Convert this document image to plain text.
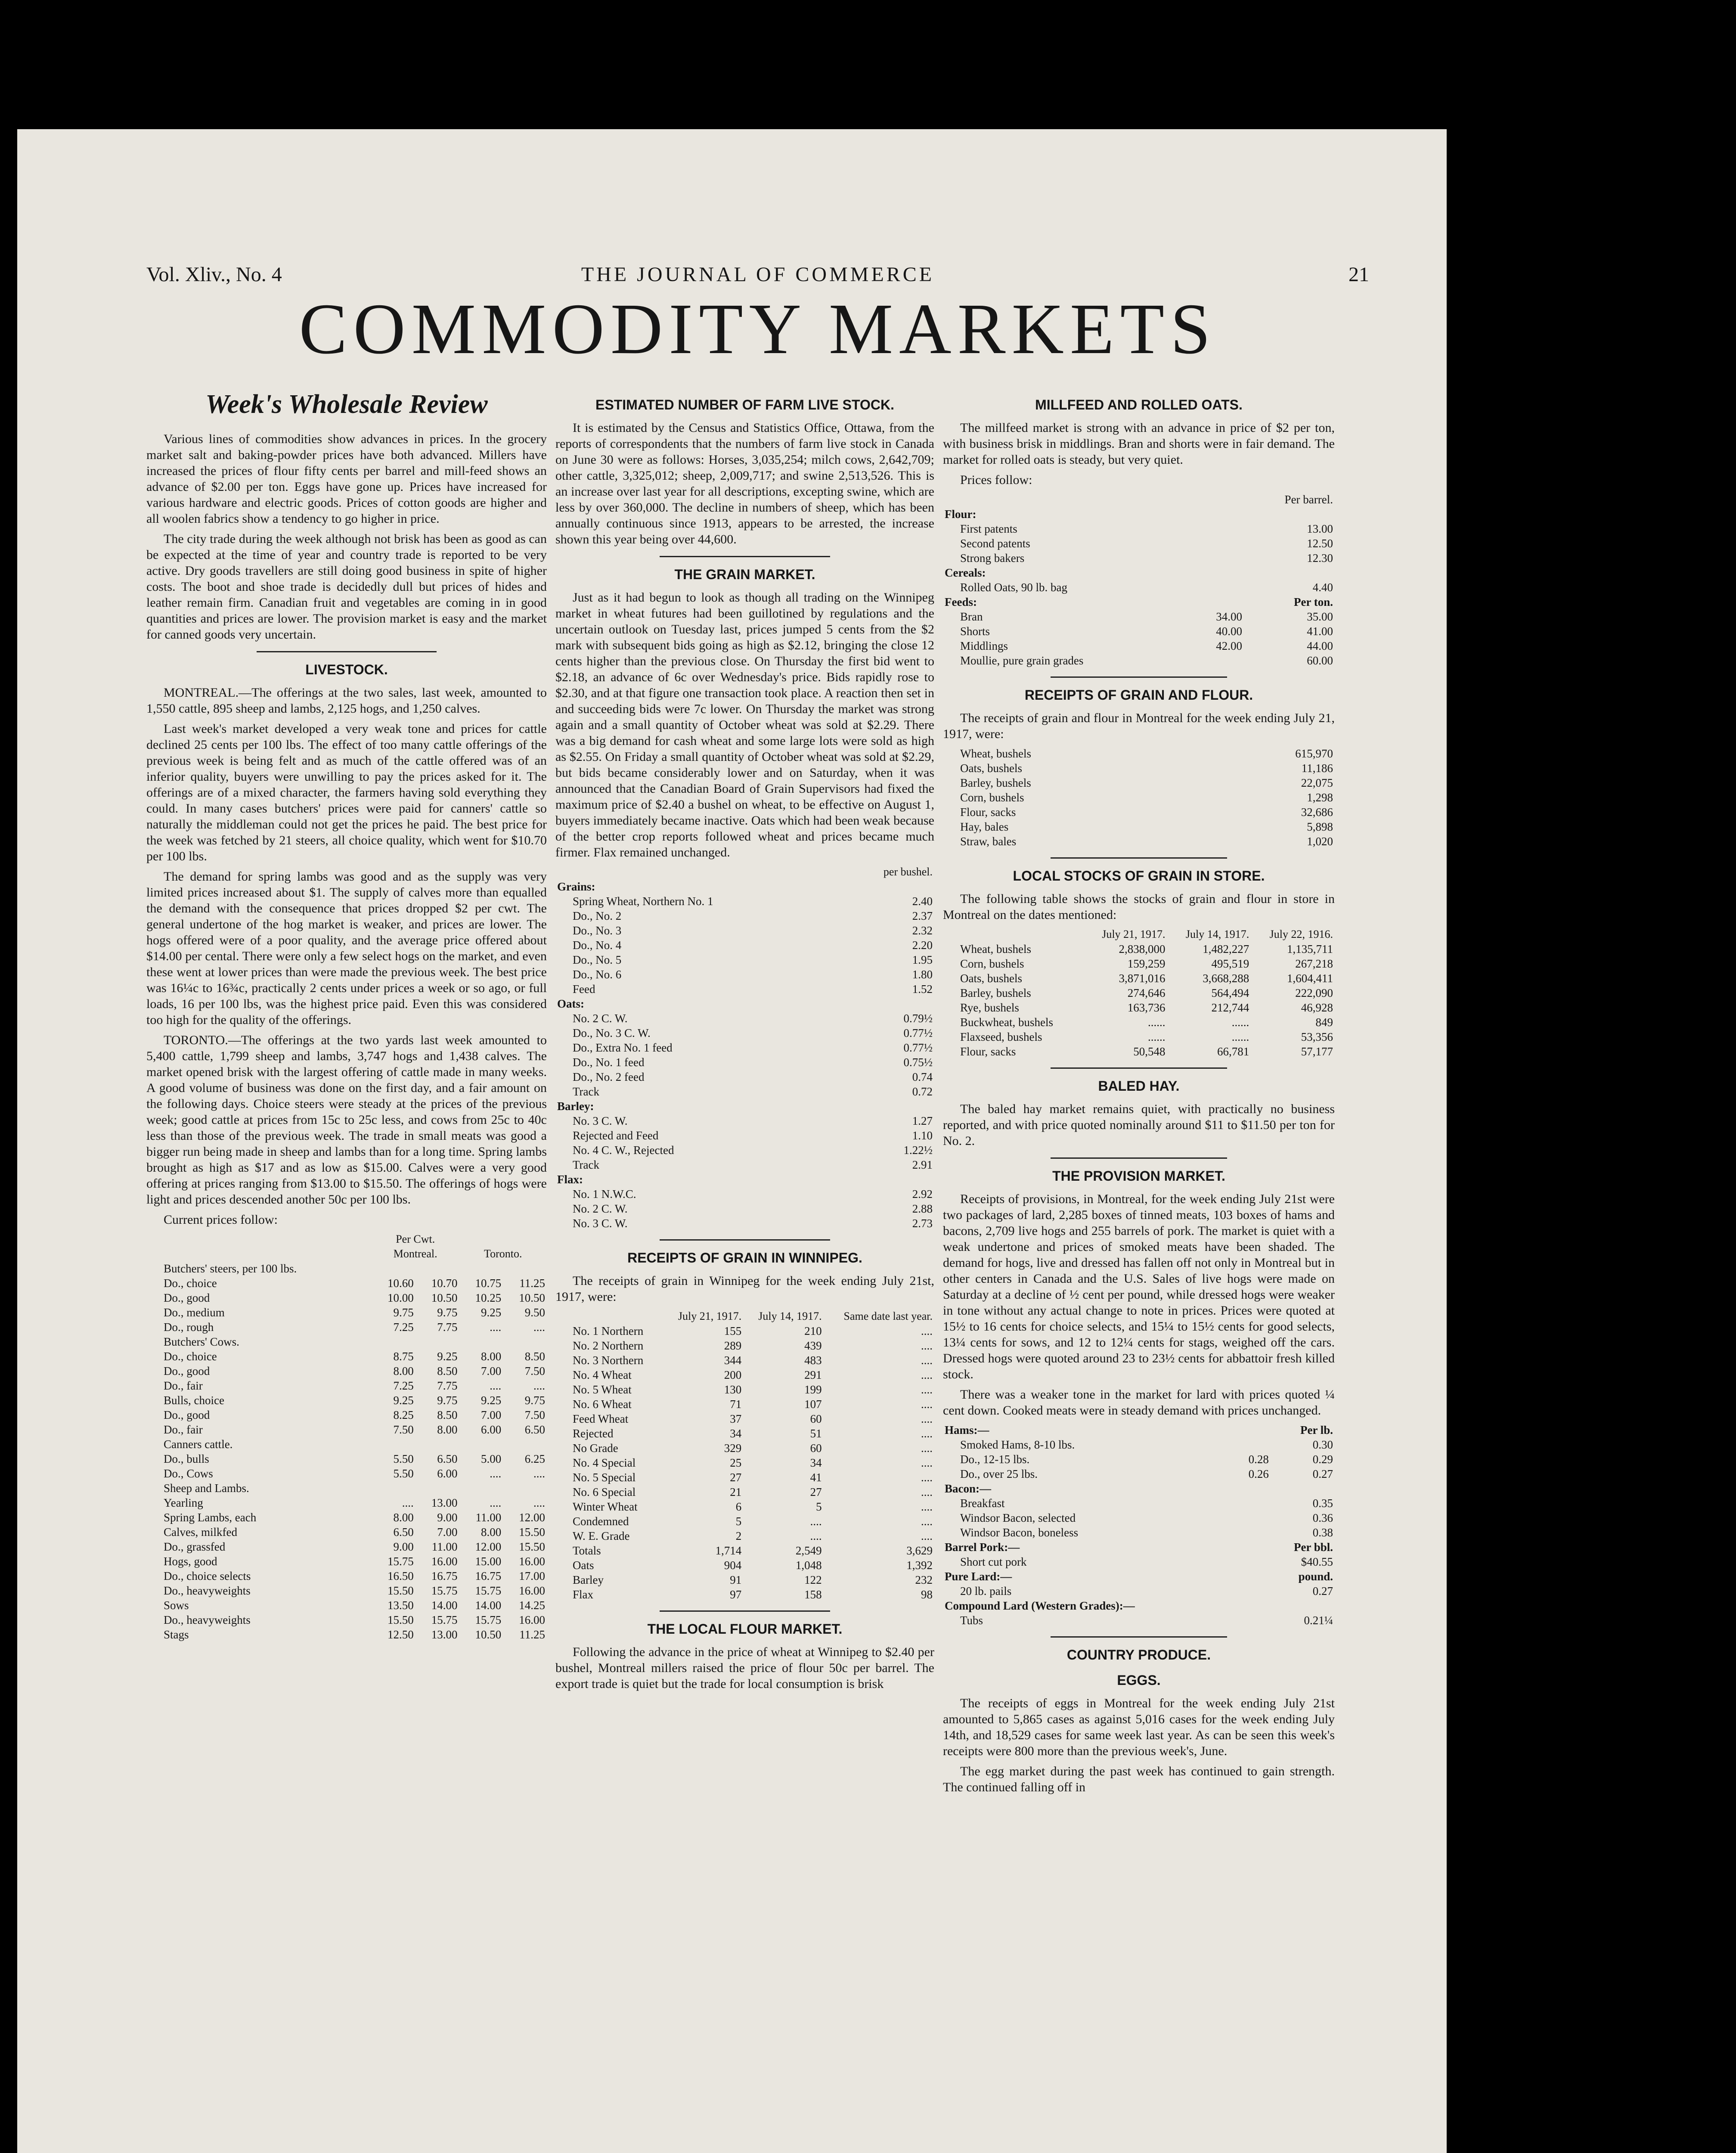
Vol. Xliv., No. 4	THE JOURNAL OF COMMERCE	21
COMMODITY MARKETS
Week's Wholesale Review

Various lines of commodities show advances in prices. In the grocery market salt and baking-powder prices have both advanced. Millers have increased the prices of flour fifty cents per barrel and mill-feed shows an advance of $2.00 per ton. Eggs have gone up. Prices have increased for various hardware and electric goods. Prices of cotton goods are higher and all woolen fabrics show a tendency to go higher in price.

The city trade during the week although not brisk has been as good as can be expected at the time of year and country trade is reported to be very active. Dry goods travellers are still doing good business in spite of higher costs. The boot and shoe trade is decidedly dull but prices of hides and leather remain firm. Canadian fruit and vegetables are coming in in good quantities and prices are lower. The provision market is easy and the market for canned goods very uncertain.

LIVESTOCK.

MONTREAL.—The offerings at the two sales, last week, amounted to 1,550 cattle, 895 sheep and lambs, 2,125 hogs, and 1,250 calves.

Last week's market developed a very weak tone and prices for cattle declined 25 cents per 100 lbs. The effect of too many cattle offerings of the previous week is being felt and as much of the cattle offered was of an inferior quality, buyers were unwilling to pay the prices asked for it. The offerings are of a mixed character, the farmers having sold everything they could. In many cases butchers' prices were paid for canners' cattle so naturally the middleman could not get the prices he paid. The best price for the week was fetched by 21 steers, all choice quality, which went for $10.70 per 100 lbs.

The demand for spring lambs was good and as the supply was very limited prices increased about $1. The supply of calves more than equalled the demand with the consequence that prices dropped $2 per cwt. The general undertone of the hog market is weaker, and prices are lower. The hogs offered were of a poor quality, and the average price offered about $14.00 per cental. There were only a few select hogs on the market, and even these went at lower prices than were made the previous week. The best price was 16¼c to 16¾c, practically 2 cents under prices a week or so ago, or full loads, 16 per 100 lbs, was the highest price paid. Even this was considered too high for the quality of the offerings.

TORONTO.—The offerings at the two yards last week amounted to 5,400 cattle, 1,799 sheep and lambs, 3,747 hogs and 1,438 calves. The market opened brisk with the largest offering of cattle made in many weeks. A good volume of business was done on the first day, and a fair amount on the following days. Choice steers were steady at the prices of the previous week; good cattle at prices from 15c to 25c less, and cows from 25c to 40c less than those of the previous week. The trade in small meats was good a bigger run being made in sheep and lambs than for a long time. Spring lambs brought as high as $17 and as low as $15.00. Calves were a very good offering at prices ranging from $13.00 to $15.50. The offerings of hogs were light and prices descended another 50c per 100 lbs.

Current prices follow:

	Per Cwt.			
	Montreal.		Toronto.	
Butchers' steers, per 100 lbs.				
Do., choice	10.60	10.70	10.75	11.25
Do., good	10.00	10.50	10.25	10.50
Do., medium	9.75	9.75	9.25	9.50
Do., rough	7.25	7.75	....	....
Butchers' Cows.				
Do., choice	8.75	9.25	8.00	8.50
Do., good	8.00	8.50	7.00	7.50
Do., fair	7.25	7.75	....	....
Bulls, choice	9.25	9.75	9.25	9.75
Do., good	8.25	8.50	7.00	7.50
Do., fair	7.50	8.00	6.00	6.50
Canners cattle.				
Do., bulls	5.50	6.50	5.00	6.25
Do., Cows	5.50	6.00	....	....
Sheep and Lambs.				
Yearling	....	13.00	....	....
Spring Lambs, each	8.00	9.00	11.00	12.00
Calves, milkfed	6.50	7.00	8.00	15.50
Do., grassfed	9.00	11.00	12.00	15.50
Hogs, good	15.75	16.00	15.00	16.00
Do., choice selects	16.50	16.75	16.75	17.00
Do., heavyweights	15.50	15.75	15.75	16.00
Sows	13.50	14.00	14.00	14.25
Do., heavyweights	15.50	15.75	15.75	16.00
Stags	12.50	13.00	10.50	11.25
ESTIMATED NUMBER OF FARM LIVE STOCK.

It is estimated by the Census and Statistics Office, Ottawa, from the reports of correspondents that the numbers of farm live stock in Canada on June 30 were as follows: Horses, 3,035,254; milch cows, 2,642,709; other cattle, 3,325,012; sheep, 2,009,717; and swine 2,513,526. This is an increase over last year for all descriptions, excepting swine, which are less by over 360,000. The decline in numbers of sheep, which has been annually continuous since 1913, appears to be arrested, the increase shown this year being over 44,600.

THE GRAIN MARKET.

Just as it had begun to look as though all trading on the Winnipeg market in wheat futures had been guillotined by regulations and the uncertain outlook on Tuesday last, prices jumped 5 cents from the $2 mark with subsequent bids going as high as $2.12, bringing the close 12 cents higher than the previous close. On Thursday the first bid went to $2.18, an advance of 6c over Wednesday's price. Bids rapidly rose to $2.30, and at that figure one transaction took place. A reaction then set in and succeeding bids were 7c lower. On Thursday the market was strong again and a small quantity of October wheat was sold at $2.29. There was a big demand for cash wheat and some large lots were sold as high as $2.55. On Friday a small quantity of October wheat was sold at $2.29, but bids became considerably lower and on Saturday, when it was announced that the Canadian Board of Grain Supervisors had fixed the maximum price of $2.40 a bushel on wheat, to be effective on August 1, buyers immediately became inactive. Oats which had been weak because of the better crop reports followed wheat and prices became much firmer. Flax remained unchanged.

	per bushel.
Grains:	
Spring Wheat, Northern No. 1	2.40
Do., No. 2	2.37
Do., No. 3	2.32
Do., No. 4	2.20
Do., No. 5	1.95
Do., No. 6	1.80
Feed	1.52
Oats:	
No. 2 C. W.	0.79½
Do., No. 3 C. W.	0.77½
Do., Extra No. 1 feed	0.77½
Do., No. 1 feed	0.75½
Do., No. 2 feed	0.74
Track	0.72
Barley:	
No. 3 C. W.	1.27
Rejected and Feed	1.10
No. 4 C. W., Rejected	1.22½
Track	2.91
Flax:	
No. 1 N.W.C.	2.92
No. 2 C. W.	2.88
No. 3 C. W.	2.73
RECEIPTS OF GRAIN IN WINNIPEG.

The receipts of grain in Winnipeg for the week ending July 21st, 1917, were:

	July 21, 1917.	July 14, 1917.	Same date last year.
No. 1 Northern	155	210	....
No. 2 Northern	289	439	....
No. 3 Northern	344	483	....
No. 4 Wheat	200	291	....
No. 5 Wheat	130	199	....
No. 6 Wheat	71	107	....
Feed Wheat	37	60	....
Rejected	34	51	....
No Grade	329	60	....
No. 4 Special	25	34	....
No. 5 Special	27	41	....
No. 6 Special	21	27	....
Winter Wheat	6	5	....
Condemned	5	....	....
W. E. Grade	2	....	....
Totals	1,714	2,549	3,629
Oats	904	1,048	1,392
Barley	91	122	232
Flax	97	158	98
THE LOCAL FLOUR MARKET.

Following the advance in the price of wheat at Winnipeg to $2.40 per bushel, Montreal millers raised the price of flour 50c per barrel. The export trade is quiet but the trade for local consumption is brisk

MILLFEED AND ROLLED OATS.

The millfeed market is strong with an advance in price of $2 per ton, with business brisk in middlings. Bran and shorts were in fair demand. The market for rolled oats is steady, but very quiet.

Prices follow:

		Per barrel.
Flour:		
First patents		13.00
Second patents		12.50
Strong bakers		12.30
Cereals:		
Rolled Oats, 90 lb. bag		4.40
Feeds:		Per ton.
Bran	34.00	35.00
Shorts	40.00	41.00
Middlings	42.00	44.00
Moullie, pure grain grades		60.00
RECEIPTS OF GRAIN AND FLOUR.

The receipts of grain and flour in Montreal for the week ending July 21, 1917, were:

Wheat, bushels	615,970
Oats, bushels	11,186
Barley, bushels	22,075
Corn, bushels	1,298
Flour, sacks	32,686
Hay, bales	5,898
Straw, bales	1,020
LOCAL STOCKS OF GRAIN IN STORE.

The following table shows the stocks of grain and flour in store in Montreal on the dates mentioned:

	July 21, 1917.	July 14, 1917.	July 22, 1916.
Wheat, bushels	2,838,000	1,482,227	1,135,711
Corn, bushels	159,259	495,519	267,218
Oats, bushels	3,871,016	3,668,288	1,604,411
Barley, bushels	274,646	564,494	222,090
Rye, bushels	163,736	212,744	46,928
Buckwheat, bushels	......	......	849
Flaxseed, bushels	......	......	53,356
Flour, sacks	50,548	66,781	57,177
BALED HAY.

The baled hay market remains quiet, with practically no business reported, and with price quoted nominally around $11 to $11.50 per ton for No. 2.

THE PROVISION MARKET.

Receipts of provisions, in Montreal, for the week ending July 21st were two packages of lard, 2,285 boxes of tinned meats, 103 boxes of hams and bacons, 2,709 live hogs and 255 barrels of pork. The market is quiet with a weak undertone and prices of smoked meats have been shaded. The demand for hogs, live and dressed has fallen off not only in Montreal but in other centers in Canada and the U.S. Sales of live hogs were made on Saturday at a decline of ½ cent per pound, while dressed hogs were weaker in tone without any actual change to note in prices. Prices were quoted at 15½ to 16 cents for choice selects, and 15¼ to 15½ cents for good selects, 13¼ cents for sows, and 12 to 12¼ cents for stags, weighed off the cars. Dressed hogs were quoted around 23 to 23½ cents for abbattoir fresh killed stock.

There was a weaker tone in the market for lard with prices quoted ¼ cent down. Cooked meats were in steady demand with prices unchanged.

Hams:—		Per lb.
Smoked Hams, 8-10 lbs.		0.30
Do., 12-15 lbs.	0.28	0.29
Do., over 25 lbs.	0.26	0.27
Bacon:—		
Breakfast		0.35
Windsor Bacon, selected		0.36
Windsor Bacon, boneless		0.38
Barrel Pork:—		Per bbl.
Short cut pork		$40.55
Pure Lard:—		pound.
20 lb. pails		0.27
Compound Lard (Western Grades):—		
Tubs		0.21¼
COUNTRY PRODUCE.
EGGS.

The receipts of eggs in Montreal for the week ending July 21st amounted to 5,865 cases as against 5,016 cases for the week ending July 14th, and 18,529 cases for same week last year. As can be seen this week's receipts were 800 more than the previous week's, June.

The egg market during the past week has continued to gain strength. The continued falling off in
